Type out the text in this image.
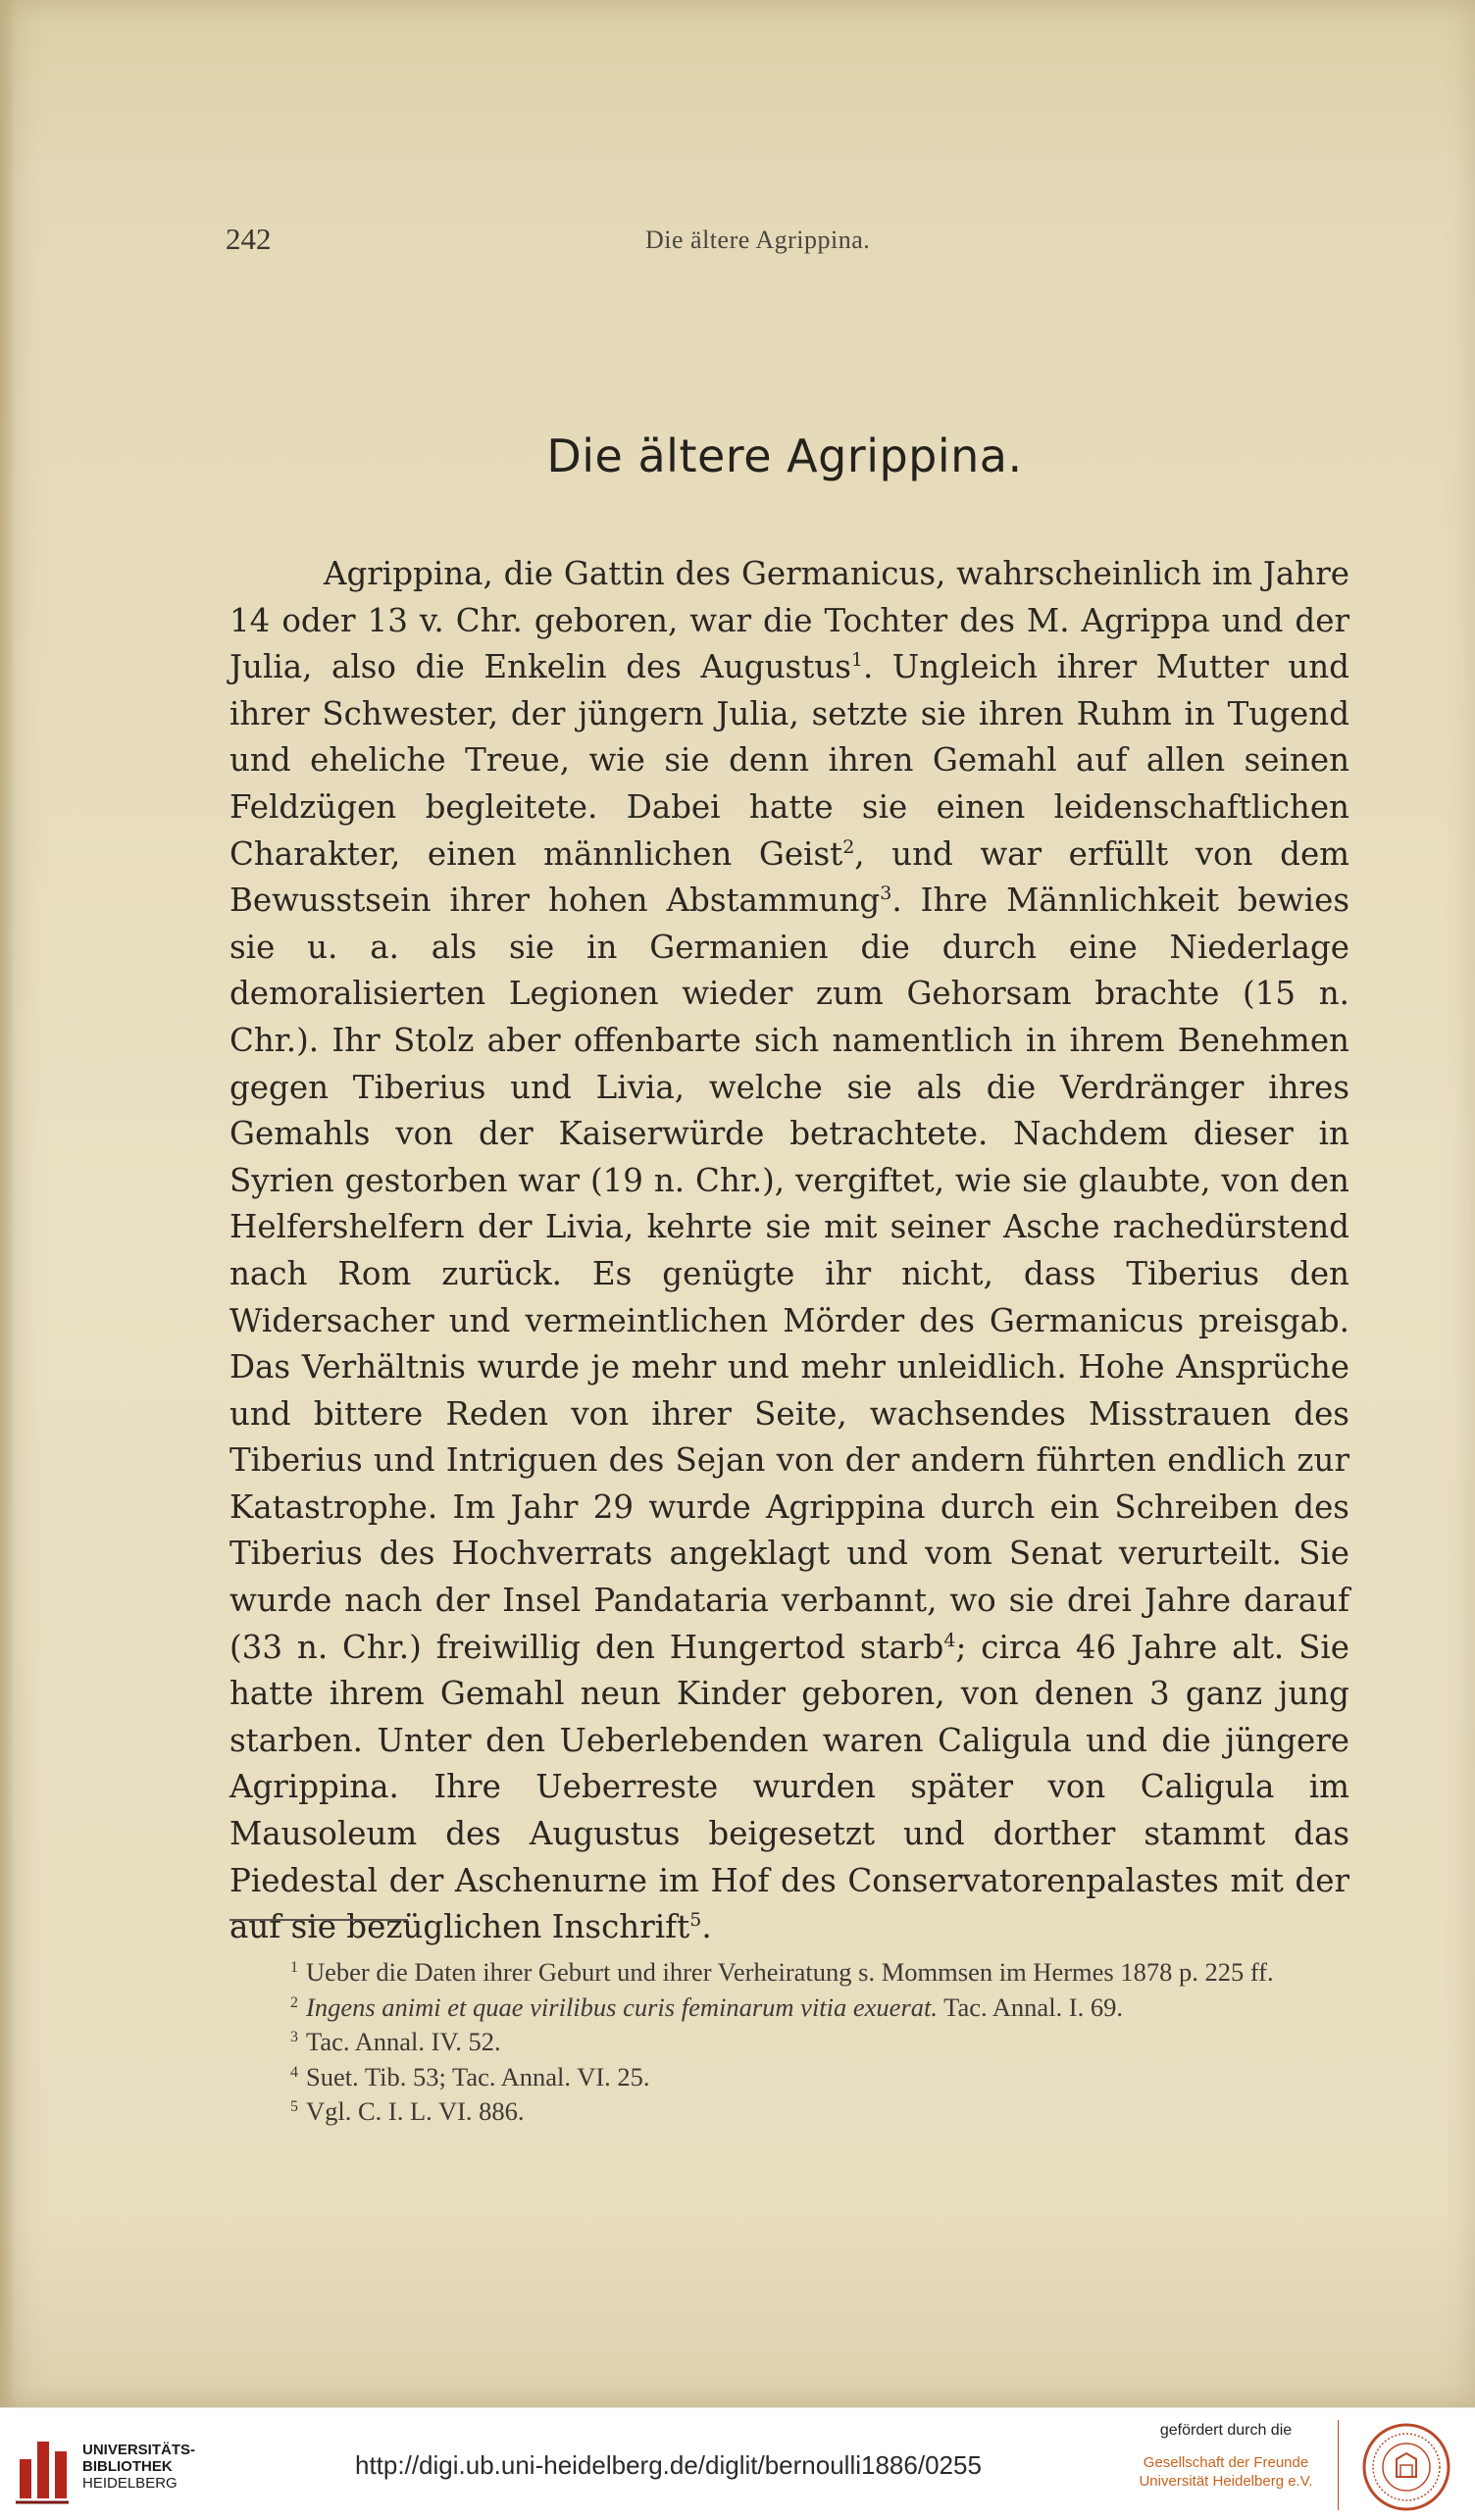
242	Die ältere Agrippina.
Die ältere Agrippina.

Agrippina, die Gattin des Germanicus, wahrscheinlich im Jahre 14 oder 13 v. Chr. geboren, war die Tochter des M. Agrippa und der Julia, also die Enkelin des Augustus$^1$. Ungleich ihrer Mutter und ihrer Schwester, der jüngern Julia, setzte sie ihren Ruhm in Tugend und eheliche Treue, wie sie denn ihren Gemahl auf allen seinen Feldzügen begleitete. Dabei hatte sie einen leidenschaftlichen Charakter, einen männlichen Geist$^2$, und war erfüllt von dem Bewusstsein ihrer hohen Abstammung$^3$. Ihre Männlichkeit bewies sie u. a. als sie in Germanien die durch eine Niederlage demoralisierten Legionen wieder zum Gehorsam brachte (15 n. Chr.). Ihr Stolz aber offenbarte sich namentlich in ihrem Benehmen gegen Tiberius und Livia, welche sie als die Verdränger ihres Gemahls von der Kaiserwürde betrachtete. Nachdem dieser in Syrien gestorben war (19 n. Chr.), vergiftet, wie sie glaubte, von den Helfershelfern der Livia, kehrte sie mit seiner Asche rachedürstend nach Rom zurück. Es genügte ihr nicht, dass Tiberius den Widersacher und vermeintlichen Mörder des Germanicus preisgab. Das Verhältnis wurde je mehr und mehr unleidlich. Hohe Ansprüche und bittere Reden von ihrer Seite, wachsendes Misstrauen des Tiberius und Intriguen des Sejan von der andern führten endlich zur Katastrophe. Im Jahr 29 wurde Agrippina durch ein Schreiben des Tiberius des Hochverrats angeklagt und vom Senat verurteilt. Sie wurde nach der Insel Pandataria verbannt, wo sie drei Jahre darauf (33 n. Chr.) freiwillig den Hungertod starb$^4$; circa 46 Jahre alt. Sie hatte ihrem Gemahl neun Kinder geboren, von denen 3 ganz jung starben. Unter den Ueberlebenden waren Caligula und die jüngere Agrippina. Ihre Ueberreste wurden später von Caligula im Mausoleum des Augustus beigesetzt und dorther stammt das Piedestal der Aschenurne im Hof des Conservatorenpalastes mit der auf sie bezüglichen Inschrift$^5$.

$^1$ Ueber die Daten ihrer Geburt und ihrer Verheiratung s. Mommsen im Hermes 1878 p. 225 ff.

$^2$ Ingens animi et quae virilibus curis feminarum vitia exuerat. Tac. Annal. I. 69.

$^3$ Tac. Annal. IV. 52.

$^4$ Suet. Tib. 53; Tac. Annal. VI. 25.

$^5$ Vgl. C. I. L. VI. 886.

UNIVERSITÄTS-
BIBLIOTHEK
HEIDELBERG
http://digi.ub.uni-heidelberg.de/diglit/bernoulli1886/0255
gefördert durch die
Gesellschaft der Freunde
Universität Heidelberg e.V.
